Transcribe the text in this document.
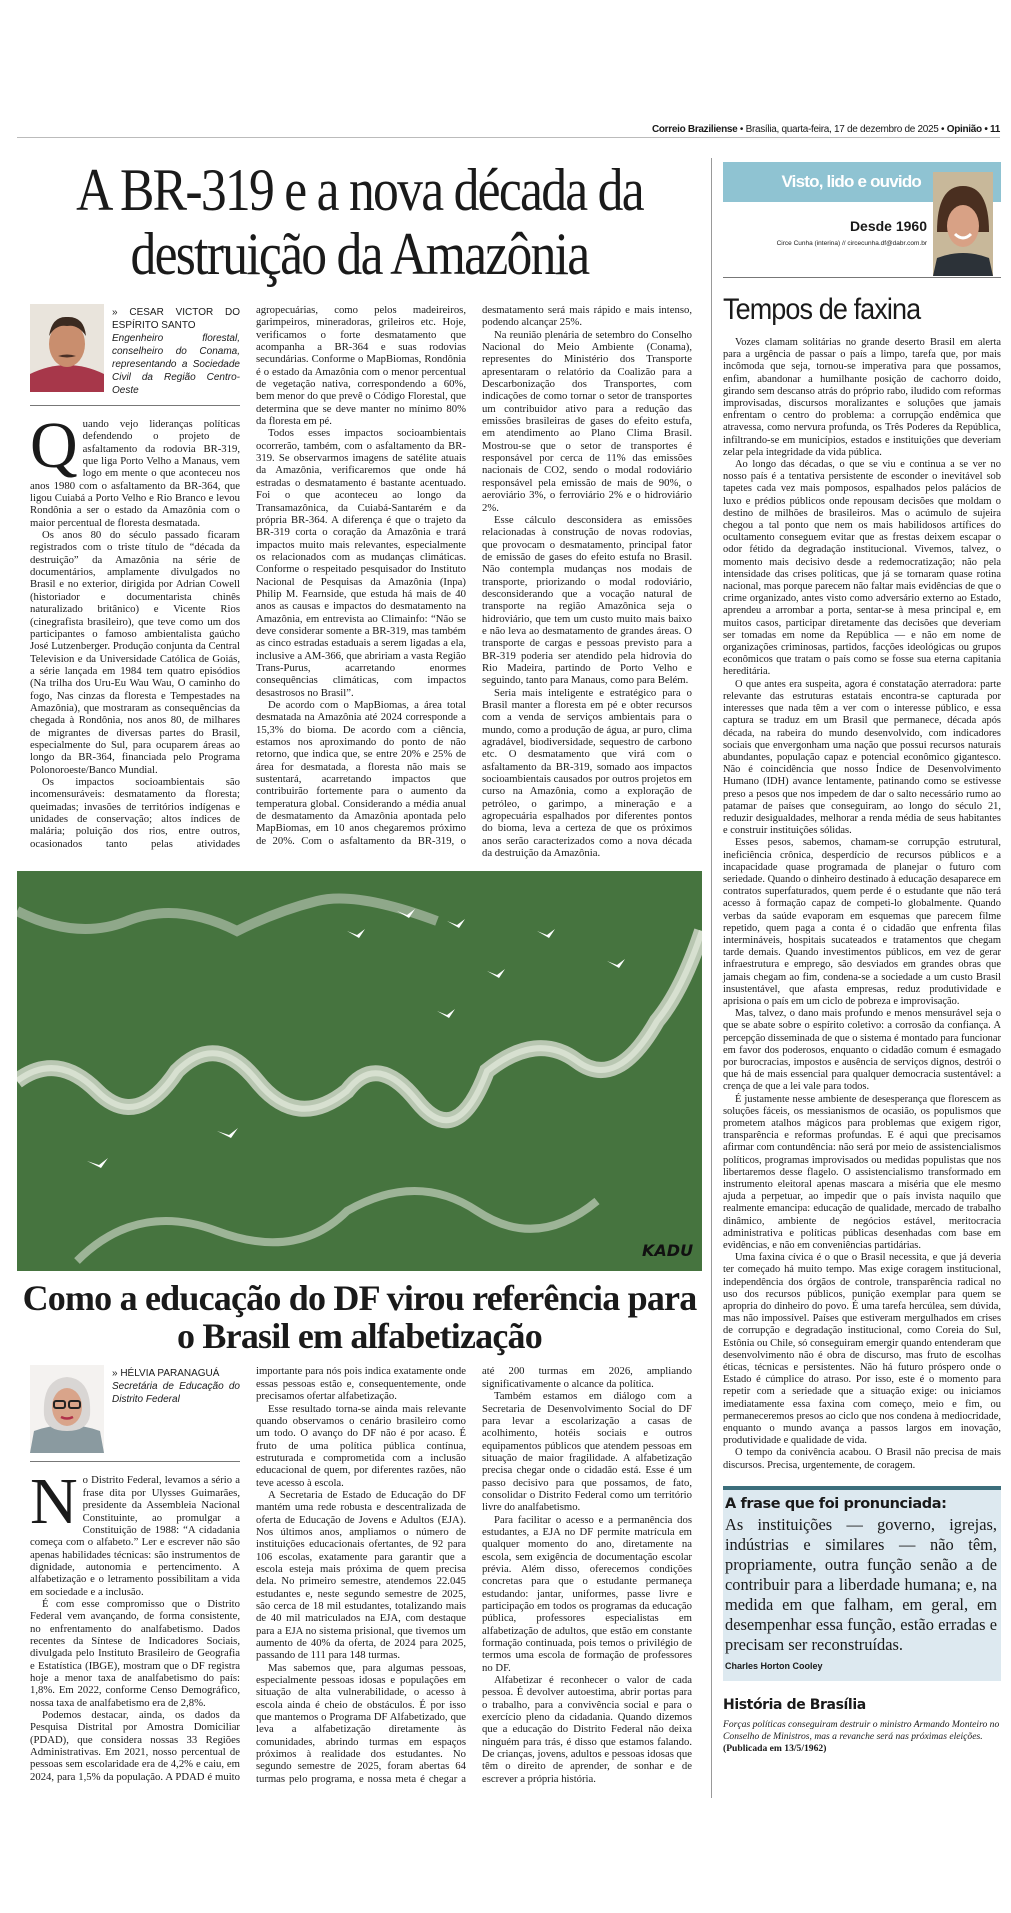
Correio Braziliense • Brasília, quarta-feira, 17 de dezembro de 2025 • Opinião • 11
A BR-319 e a nova década da destruição da Amazônia
» CESAR VICTOR DO ESPÍRITO SANTO
Engenheiro florestal, conselheiro do Conama, representando a Sociedade Civil da Região Centro-Oeste

Quando vejo lideranças políticas defendendo o projeto de asfaltamento da rodovia BR-319, que liga Porto Velho a Manaus, vem logo em mente o que aconteceu nos anos 1980 com o asfaltamento da BR-364, que ligou Cuiabá a Porto Velho e Rio Branco e levou Rondônia a ser o estado da Amazônia com o maior percentual de floresta desmatada.

Os anos 80 do século passado ficaram registrados com o triste título de “década da destruição” da Amazônia na série de documentários, amplamente divulgados no Brasil e no exterior, dirigida por Adrian Cowell (historiador e documentarista chinês naturalizado britânico) e Vicente Rios (cinegrafista brasileiro), que teve como um dos participantes o famoso ambientalista gaúcho José Lutzenberger. Produção conjunta da Central Television e da Universidade Católica de Goiás, a série lançada em 1984 tem quatro episódios (Na trilha dos Uru-Eu Wau Wau, O caminho do fogo, Nas cinzas da floresta e Tempestades na Amazônia), que mostraram as consequências da chegada à Rondônia, nos anos 80, de milhares de migrantes de diversas partes do Brasil, especialmente do Sul, para ocuparem áreas ao longo da BR-364, financiada pelo Programa Polonoroeste/Banco Mundial.

Os impactos socioambientais são incomensuráveis: desmatamento da floresta; queimadas; invasões de territórios indígenas e unidades de conservação; altos índices de malária; poluição dos rios, entre outros, ocasionados tanto pelas atividades agropecuárias, como pelos madeireiros, garimpeiros, mineradoras, grileiros etc. Hoje, verificamos o forte desmatamento que acompanha a BR-364 e suas rodovias secundárias. Conforme o MapBiomas, Rondônia é o estado da Amazônia com o menor percentual de vegetação nativa, correspondendo a 60%, bem menor do que prevê o Código Florestal, que determina que se deve manter no mínimo 80% da floresta em pé.

Todos esses impactos socioambientais ocorrerão, também, com o asfaltamento da BR-319. Se observarmos imagens de satélite atuais da Amazônia, verificaremos que onde há estradas o desmatamento é bastante acentuado. Foi o que aconteceu ao longo da Transamazônica, da Cuiabá-Santarém e da própria BR-364. A diferença é que o trajeto da BR-319 corta o coração da Amazônia e trará impactos muito mais relevantes, especialmente os relacionados com as mudanças climáticas. Conforme o respeitado pesquisador do Instituto Nacional de Pesquisas da Amazônia (Inpa) Philip M. Fearnside, que estuda há mais de 40 anos as causas e impactos do desmatamento na Amazônia, em entrevista ao Climainfo: “Não se deve considerar somente a BR-319, mas também as cinco estradas estaduais a serem ligadas a ela, inclusive a AM-366, que abririam a vasta Região Trans-Purus, acarretando enormes consequências climáticas, com impactos desastrosos no Brasil”.

De acordo com o MapBiomas, a área total desmatada na Amazônia até 2024 corresponde a 15,3% do bioma. De acordo com a ciência, estamos nos aproximando do ponto de não retorno, que indica que, se entre 20% e 25% de área for desmatada, a floresta não mais se sustentará, acarretando impactos que contribuirão fortemente para o aumento da temperatura global. Considerando a média anual de desmatamento da Amazônia apontada pelo MapBiomas, em 10 anos chegaremos próximo de 20%. Com o asfaltamento da BR-319, o desmatamento será mais rápido e mais intenso, podendo alcançar 25%.

Na reunião plenária de setembro do Conselho Nacional do Meio Ambiente (Conama), representes do Ministério dos Transporte apresentaram o relatório da Coalizão para a Descarbonização dos Transportes, com indicações de como tornar o setor de transportes um contribuidor ativo para a redução das emissões brasileiras de gases do efeito estufa, em atendimento ao Plano Clima Brasil. Mostrou-se que o setor de transportes é responsável por cerca de 11% das emissões nacionais de CO2, sendo o modal rodoviário responsável pela emissão de mais de 90%, o aeroviário 3%, o ferroviário 2% e o hidroviário 2%.

Esse cálculo desconsidera as emissões relacionadas à construção de novas rodovias, que provocam o desmatamento, principal fator de emissão de gases do efeito estufa no Brasil. Não contempla mudanças nos modais de transporte, priorizando o modal rodoviário, desconsiderando que a vocação natural de transporte na região Amazônica seja o hidroviário, que tem um custo muito mais baixo e não leva ao desmatamento de grandes áreas. O transporte de cargas e pessoas previsto para a BR-319 poderia ser atendido pela hidrovia do Rio Madeira, partindo de Porto Velho e seguindo, tanto para Manaus, como para Belém.

Seria mais inteligente e estratégico para o Brasil manter a floresta em pé e obter recursos com a venda de serviços ambientais para o mundo, como a produção de água, ar puro, clima agradável, biodiversidade, sequestro de carbono etc. O desmatamento que virá com o asfaltamento da BR-319, somado aos impactos socioambientais causados por outros projetos em curso na Amazônia, como a exploração de petróleo, o garimpo, a mineração e a agropecuária espalhados por diferentes pontos do bioma, leva a certeza de que os próximos anos serão caracterizados como a nova década da destruição da Amazônia.

KADU
Como a educação do DF virou referência para o Brasil em alfabetização
» HÉLVIA PARANAGUÁ
Secretária de Educação do Distrito Federal

No Distrito Federal, levamos a sério a frase dita por Ulysses Guimarães, presidente da Assembleia Nacional Constituinte, ao promulgar a Constituição de 1988: “A cidadania começa com o alfabeto.” Ler e escrever não são apenas habilidades técnicas: são instrumentos de dignidade, autonomia e pertencimento. A alfabetização e o letramento possibilitam a vida em sociedade e a inclusão.

É com esse compromisso que o Distrito Federal vem avançando, de forma consistente, no enfrentamento do analfabetismo. Dados recentes da Síntese de Indicadores Sociais, divulgada pelo Instituto Brasileiro de Geografia e Estatística (IBGE), mostram que o DF registra hoje a menor taxa de analfabetismo do país: 1,8%. Em 2022, conforme Censo Demográfico, nossa taxa de analfabetismo era de 2,8%.

Podemos destacar, ainda, os dados da Pesquisa Distrital por Amostra Domiciliar (PDAD), que considera nossas 33 Regiões Administrativas. Em 2021, nosso percentual de pessoas sem escolaridade era de 4,2% e caiu, em 2024, para 1,5% da população. A PDAD é muito importante para nós pois indica exatamente onde essas pessoas estão e, consequentemente, onde precisamos ofertar alfabetização.

Esse resultado torna-se ainda mais relevante quando observamos o cenário brasileiro como um todo. O avanço do DF não é por acaso. É fruto de uma política pública contínua, estruturada e comprometida com a inclusão educacional de quem, por diferentes razões, não teve acesso à escola.

A Secretaria de Estado de Educação do DF mantém uma rede robusta e descentralizada de oferta de Educação de Jovens e Adultos (EJA). Nos últimos anos, ampliamos o número de instituições educacionais ofertantes, de 92 para 106 escolas, exatamente para garantir que a escola esteja mais próxima de quem precisa dela. No primeiro semestre, atendemos 22.045 estudantes e, neste segundo semestre de 2025, são cerca de 18 mil estudantes, totalizando mais de 40 mil matriculados na EJA, com destaque para a EJA no sistema prisional, que tivemos um aumento de 40% da oferta, de 2024 para 2025, passando de 111 para 148 turmas.

Mas sabemos que, para algumas pessoas, especialmente pessoas idosas e populações em situação de alta vulnerabilidade, o acesso à escola ainda é cheio de obstáculos. É por isso que mantemos o Programa DF Alfabetizado, que leva a alfabetização diretamente às comunidades, abrindo turmas em espaços próximos à realidade dos estudantes. No segundo semestre de 2025, foram abertas 64 turmas pelo programa, e nossa meta é chegar a até 200 turmas em 2026, ampliando significativamente o alcance da política.

Também estamos em diálogo com a Secretaria de Desenvolvimento Social do DF para levar a escolarização a casas de acolhimento, hotéis sociais e outros equipamentos públicos que atendem pessoas em situação de maior fragilidade. A alfabetização precisa chegar onde o cidadão está. Esse é um passo decisivo para que possamos, de fato, consolidar o Distrito Federal como um território livre do analfabetismo.

Para facilitar o acesso e a permanência dos estudantes, a EJA no DF permite matrícula em qualquer momento do ano, diretamente na escola, sem exigência de documentação escolar prévia. Além disso, oferecemos condições concretas para que o estudante permaneça estudando: jantar, uniformes, passe livre e participação em todos os programas da educação pública, professores especialistas em alfabetização de adultos, que estão em constante formação continuada, pois temos o privilégio de termos uma escola de formação de professores no DF.

Alfabetizar é reconhecer o valor de cada pessoa. É devolver autoestima, abrir portas para o trabalho, para a convivência social e para o exercício pleno da cidadania. Quando dizemos que a educação do Distrito Federal não deixa ninguém para trás, é disso que estamos falando. De crianças, jovens, adultos e pessoas idosas que têm o direito de aprender, de sonhar e de escrever a própria história.

Visto, lido e ouvido
Desde 1960
Circe Cunha (interina) // circecunha.df@dabr.com.br
Tempos de faxina

Vozes clamam solitárias no grande deserto Brasil em alerta para a urgência de passar o país a limpo, tarefa que, por mais incômoda que seja, tornou-se imperativa para que possamos, enfim, abandonar a humilhante posição de cachorro doido, girando sem descanso atrás do próprio rabo, iludido com reformas improvisadas, discursos moralizantes e soluções que jamais enfrentam o centro do problema: a corrupção endêmica que atravessa, como nervura profunda, os Três Poderes da República, infiltrando-se em municípios, estados e instituições que deveriam zelar pela integridade da vida pública.

Ao longo das décadas, o que se viu e continua a se ver no nosso país é a tentativa persistente de esconder o inevitável sob tapetes cada vez mais pomposos, espalhados pelos palácios de luxo e prédios públicos onde repousam decisões que moldam o destino de milhões de brasileiros. Mas o acúmulo de sujeira chegou a tal ponto que nem os mais habilidosos artífices do ocultamento conseguem evitar que as frestas deixem escapar o odor fétido da degradação institucional. Vivemos, talvez, o momento mais decisivo desde a redemocratização; não pela intensidade das crises políticas, que já se tornaram quase rotina nacional, mas porque parecem não faltar mais evidências de que o crime organizado, antes visto como adversário externo ao Estado, aprendeu a arrombar a porta, sentar-se à mesa principal e, em muitos casos, participar diretamente das decisões que deveriam ser tomadas em nome da República — e não em nome de organizações criminosas, partidos, facções ideológicas ou grupos econômicos que tratam o país como se fosse sua eterna capitania hereditária.

O que antes era suspeita, agora é constatação aterradora: parte relevante das estruturas estatais encontra-se capturada por interesses que nada têm a ver com o interesse público, e essa captura se traduz em um Brasil que permanece, década após década, na rabeira do mundo desenvolvido, com indicadores sociais que envergonham uma nação que possui recursos naturais abundantes, população capaz e potencial econômico gigantesco. Não é coincidência que nosso Índice de Desenvolvimento Humano (IDH) avance lentamente, patinando como se estivesse preso a pesos que nos impedem de dar o salto necessário rumo ao patamar de países que conseguiram, ao longo do século 21, reduzir desigualdades, melhorar a renda média de seus habitantes e construir instituições sólidas.

Esses pesos, sabemos, chamam-se corrupção estrutural, ineficiência crônica, desperdício de recursos públicos e a incapacidade quase programada de planejar o futuro com seriedade. Quando o dinheiro destinado à educação desaparece em contratos superfaturados, quem perde é o estudante que não terá acesso à formação capaz de competi-lo globalmente. Quando verbas da saúde evaporam em esquemas que parecem filme repetido, quem paga a conta é o cidadão que enfrenta filas intermináveis, hospitais sucateados e tratamentos que chegam tarde demais. Quando investimentos públicos, em vez de gerar infraestrutura e emprego, são desviados em grandes obras que jamais chegam ao fim, condena-se a sociedade a um custo Brasil insustentável, que afasta empresas, reduz produtividade e aprisiona o país em um ciclo de pobreza e improvisação.

Mas, talvez, o dano mais profundo e menos mensurável seja o que se abate sobre o espírito coletivo: a corrosão da confiança. A percepção disseminada de que o sistema é montado para funcionar em favor dos poderosos, enquanto o cidadão comum é esmagado por burocracias, impostos e ausência de serviços dignos, destrói o que há de mais essencial para qualquer democracia sustentável: a crença de que a lei vale para todos.

É justamente nesse ambiente de desesperança que florescem as soluções fáceis, os messianismos de ocasião, os populismos que prometem atalhos mágicos para problemas que exigem rigor, transparência e reformas profundas. E é aqui que precisamos afirmar com contundência: não será por meio de assistencialismos políticos, programas improvisados ou medidas populistas que nos libertaremos desse flagelo. O assistencialismo transformado em instrumento eleitoral apenas mascara a miséria que ele mesmo ajuda a perpetuar, ao impedir que o país invista naquilo que realmente emancipa: educação de qualidade, mercado de trabalho dinâmico, ambiente de negócios estável, meritocracia administrativa e políticas públicas desenhadas com base em evidências, e não em conveniências partidárias.

Uma faxina cívica é o que o Brasil necessita, e que já deveria ter começado há muito tempo. Mas exige coragem institucional, independência dos órgãos de controle, transparência radical no uso dos recursos públicos, punição exemplar para quem se apropria do dinheiro do povo. É uma tarefa hercúlea, sem dúvida, mas não impossível. Países que estiveram mergulhados em crises de corrupção e degradação institucional, como Coreia do Sul, Estônia ou Chile, só conseguiram emergir quando entenderam que desenvolvimento não é obra de discurso, mas fruto de escolhas éticas, técnicas e persistentes. Não há futuro próspero onde o Estado é cúmplice do atraso. Por isso, este é o momento para repetir com a seriedade que a situação exige: ou iniciamos imediatamente essa faxina com começo, meio e fim, ou permaneceremos presos ao ciclo que nos condena à mediocridade, enquanto o mundo avança a passos largos em inovação, produtividade e qualidade de vida.

O tempo da conivência acabou. O Brasil não precisa de mais discursos. Precisa, urgentemente, de coragem.

A frase que foi pronunciada:
As instituições — governo, igrejas, indústrias e similares — não têm, propriamente, outra função senão a de contribuir para a liberdade humana; e, na medida em que falham, em geral, em desempenhar essa função, estão erradas e precisam ser reconstruídas.
Charles Horton Cooley
História de Brasília
Forças políticas conseguiram destruir o ministro Armando Monteiro no Conselho de Ministros, mas a revanche será nas próximas eleições. (Publicada em 13/5/1962)
